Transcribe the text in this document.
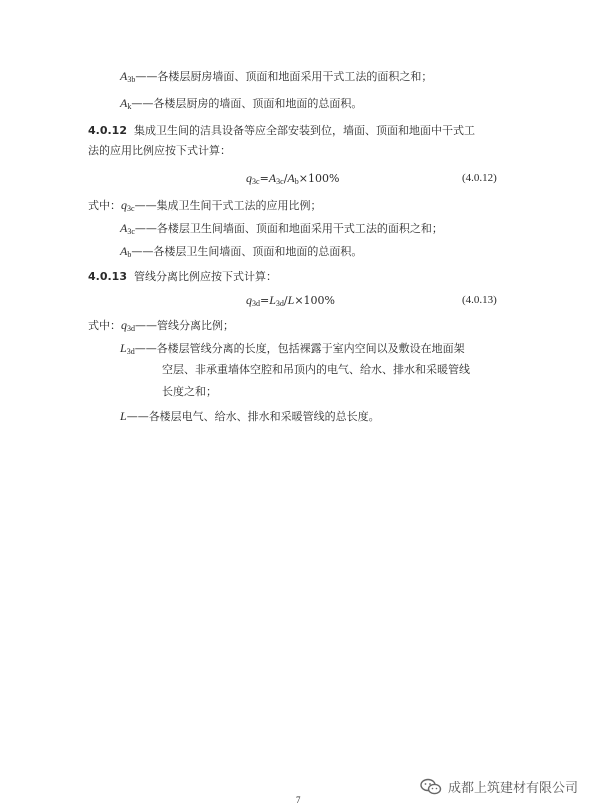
$A_{3b}——$各楼层厨房墙面、顶面和地面采用干式工法的面积之和；
$A_k——$各楼层厨房的墙面、顶面和地面的总面积。
4.0.12 集成卫生间的洁具设备等应全部安装到位，墙面、顶面和地面中干式工
法的应用比例应按下式计算：
$q_{3c}=A_{3c}/A_b\times 100\%$	(4.0.12)
式中：$q_{3c}——$集成卫生间干式工法的应用比例；
$A_{3c}——$各楼层卫生间墙面、顶面和地面采用干式工法的面积之和；
$A_b——$各楼层卫生间墙面、顶面和地面的总面积。
4.0.13 管线分离比例应按下式计算：
$q_{3d}=L_{3d}/L\times 100\%$	(4.0.13)
式中：$q_{3d}——$管线分离比例；
$L_{3d}——$各楼层管线分离的长度，包括裸露于室内空间以及敷设在地面架
空层、非承重墙体空腔和吊顶内的电气、给水、排水和采暖管线
长度之和；
L——各楼层电气、给水、排水和采暖管线的总长度。
成都上筑建材有限公司
7
